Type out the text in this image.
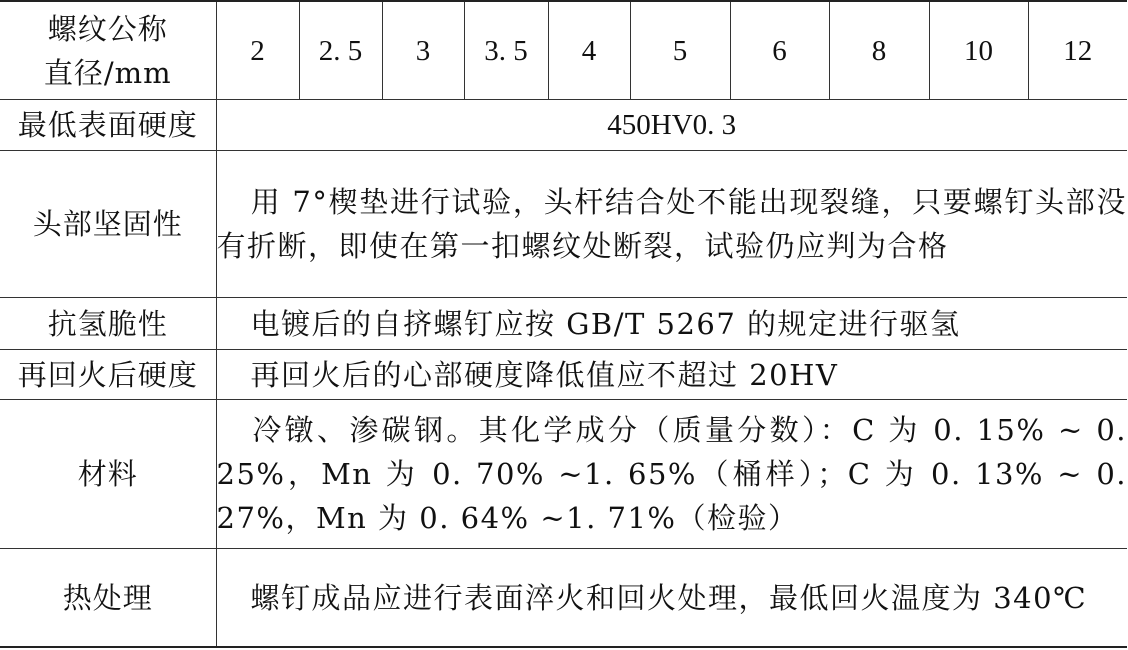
螺纹公称
直径/mm	2	2. 5	3	3. 5	4	5	6	8	10	12
最低表面硬度	450HV0. 3									
头部坚固性	用 7°楔垫进行试验，头杆结合处不能出现裂缝，只要螺钉头部没有折断，即使在第一扣螺纹处断裂，试验仍应判为合格									
抗氢脆性	电镀后的自挤螺钉应按 GB/T 5267 的规定进行驱氢									
再回火后硬度	再回火后的心部硬度降低值应不超过 20HV									
材料	冷镦、渗碳钢。其化学成分（质量分数）：C 为 0. 15% ~ 0. 25%，Mn 为 0. 70% ~1. 65%（桶样）；C 为 0. 13% ~ 0. 27%，Mn 为 0. 64% ~1. 71%（检验）									
热处理	螺钉成品应进行表面淬火和回火处理，最低回火温度为 340℃									
